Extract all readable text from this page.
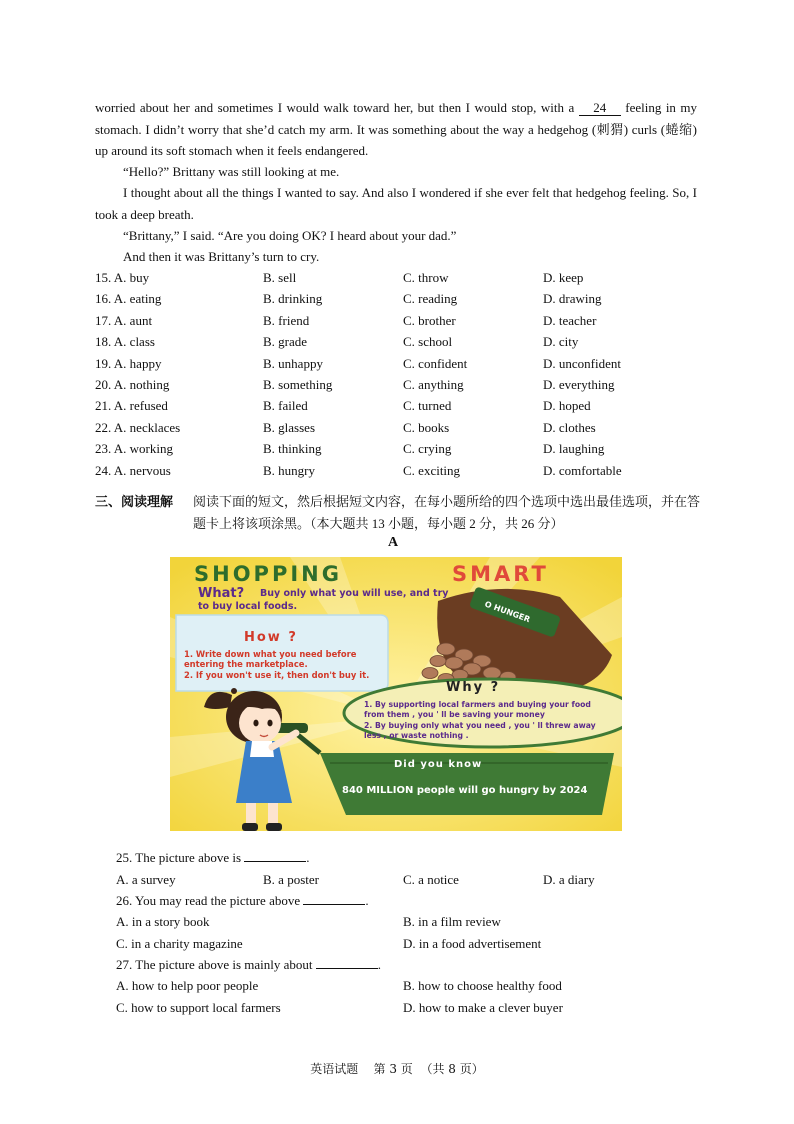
worried about her and sometimes I would walk toward her, but then I would stop, with a 24 feeling in my stomach. I didn’t worry that she’d catch my arm. It was something about the way a hedgehog (刺猬) curls (蜷缩) up around its soft stomach when it feels endangered.
“Hello?” Brittany was still looking at me.
I thought about all the things I wanted to say. And also I wondered if she ever felt that hedgehog feeling. So, I took a deep breath.
“Brittany,” I said. “Are you doing OK? I heard about your dad.”
And then it was Brittany’s turn to cry.
15. A. buy	B. sell	C. throw	D. keep
16. A. eating	B. drinking	C. reading	D. drawing
17. A. aunt	B. friend	C. brother	D. teacher
18. A. class	B. grade	C. school	D. city
19. A. happy	B. unhappy	C. confident	D. unconfident
20. A. nothing	B. something	C. anything	D. everything
21. A. refused	B. failed	C. turned	D. hoped
22. A. necklaces	B. glasses	C. books	D. clothes
23. A. working	B. thinking	C. crying	D. laughing
24. A. nervous	B. hungry	C. exciting	D. comfortable
三、阅读理解 阅读下面的短文，然后根据短文内容，在每小题所给的四个选项中选出最佳选项，并在答题卡上将该项涂黑。（本大题共 13 小题，每小题 2 分，共 26 分）
A
SHOPPING	SMART
What? Buy only what you will use, and try
to buy local foods.
How ?
1. Write down what you need before
entering the marketplace.
2. If you won't use it, then don't buy it.
O HUNGER
Why ?
1. By supporting local farmers and buying your food
from them , you ' ll be saving your money
2. By buying only what you need , you ' ll threw away
less , or waste nothing .
Did you know
840 MILLION people will go hungry by 2024
25. The picture above is	.
A. a survey	B. a poster	C. a notice	D. a diary
26. You may read the picture above	.
A. in a story book	B. in a film review
C. in a charity magazine	D. in a food advertisement
27. The picture above is mainly about	.
A. how to help poor people	B. how to choose healthy food
C. how to support local farmers	D. how to make a clever buyer
英语试题 第 3 页 （共 8 页）
